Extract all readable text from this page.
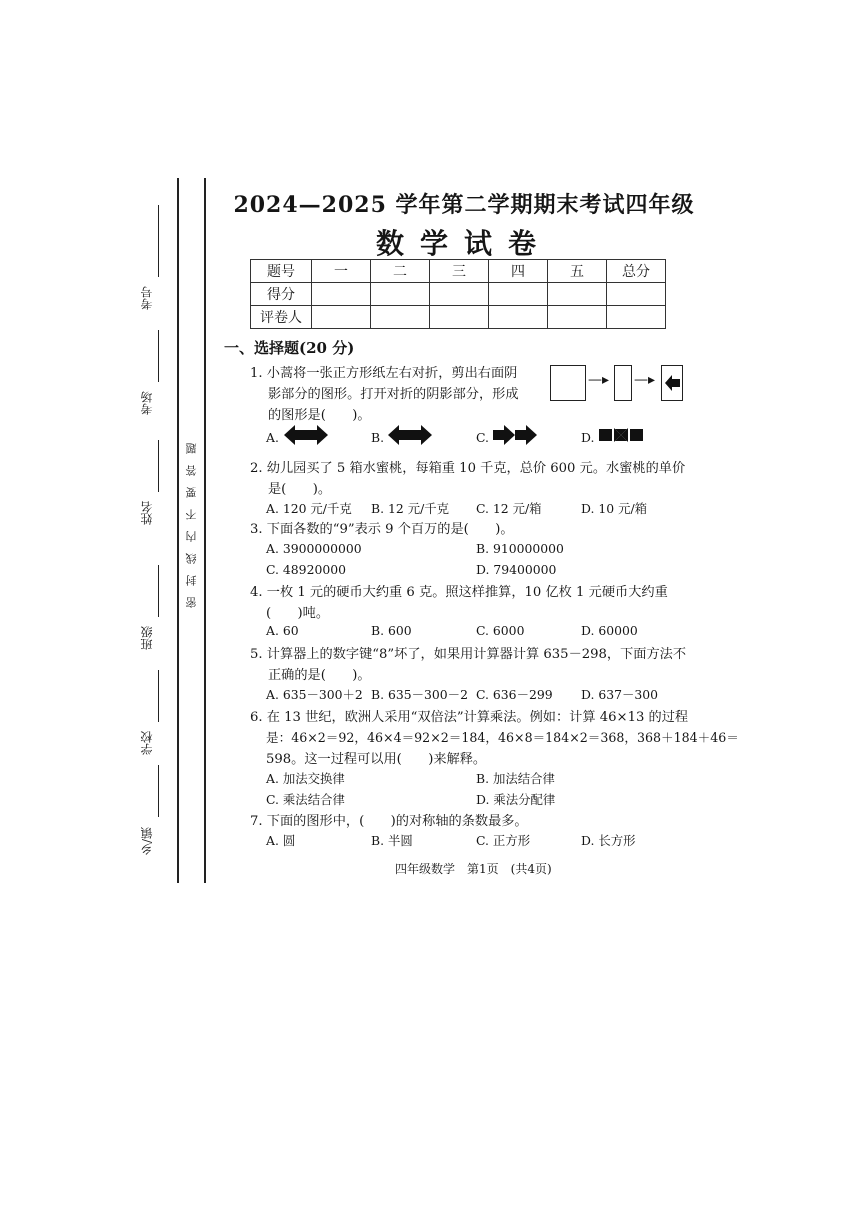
考号
考场
姓名
班级
学校
乡/镇
密封线内不要答题
2024—2025 学年第二学期期末考试四年级
数学试卷
题号	一	二	三	四	五	总分
得分						
评卷人						
一、选择题(20 分)
1. 小蒿将一张正方形纸左右对折，剪出右面阴
影部分的图形。打开对折的阴影部分，形成
的图形是(　　)。
—▸ —▸
A.	B.	C.	D.
2. 幼儿园买了 5 箱水蜜桃，每箱重 10 千克，总价 600 元。水蜜桃的单价
是(　　)。
A. 120 元/千克 B. 12 元/千克 C. 12 元/箱	D. 10 元/箱
3. 下面各数的“9”表示 9 个百万的是(　　)。
A. 3900000000	B. 910000000
C. 48920000	D. 79400000
4. 一枚 1 元的硬币大约重 6 克。照这样推算，10 亿枚 1 元硬币大约重
(　　)吨。
A. 60	B. 600	C. 6000	D. 60000
5. 计算器上的数字键“8”坏了，如果用计算器计算 635－298，下面方法不
正确的是(　　)。
A. 635－300＋2 B. 635－300－2 C. 636－299 D. 637－300
6. 在 13 世纪，欧洲人采用“双倍法”计算乘法。例如：计算 46×13 的过程
是：46×2＝92，46×4＝92×2＝184，46×8＝184×2＝368，368＋184＋46＝
598。这一过程可以用(　　)来解释。
A. 加法交换律	B. 加法结合律
C. 乘法结合律	D. 乘法分配律
7. 下面的图形中，(　　)的对称轴的条数最多。
A. 圆	B. 半圆	C. 正方形	D. 长方形
四年级数学　第1页　(共4页)
